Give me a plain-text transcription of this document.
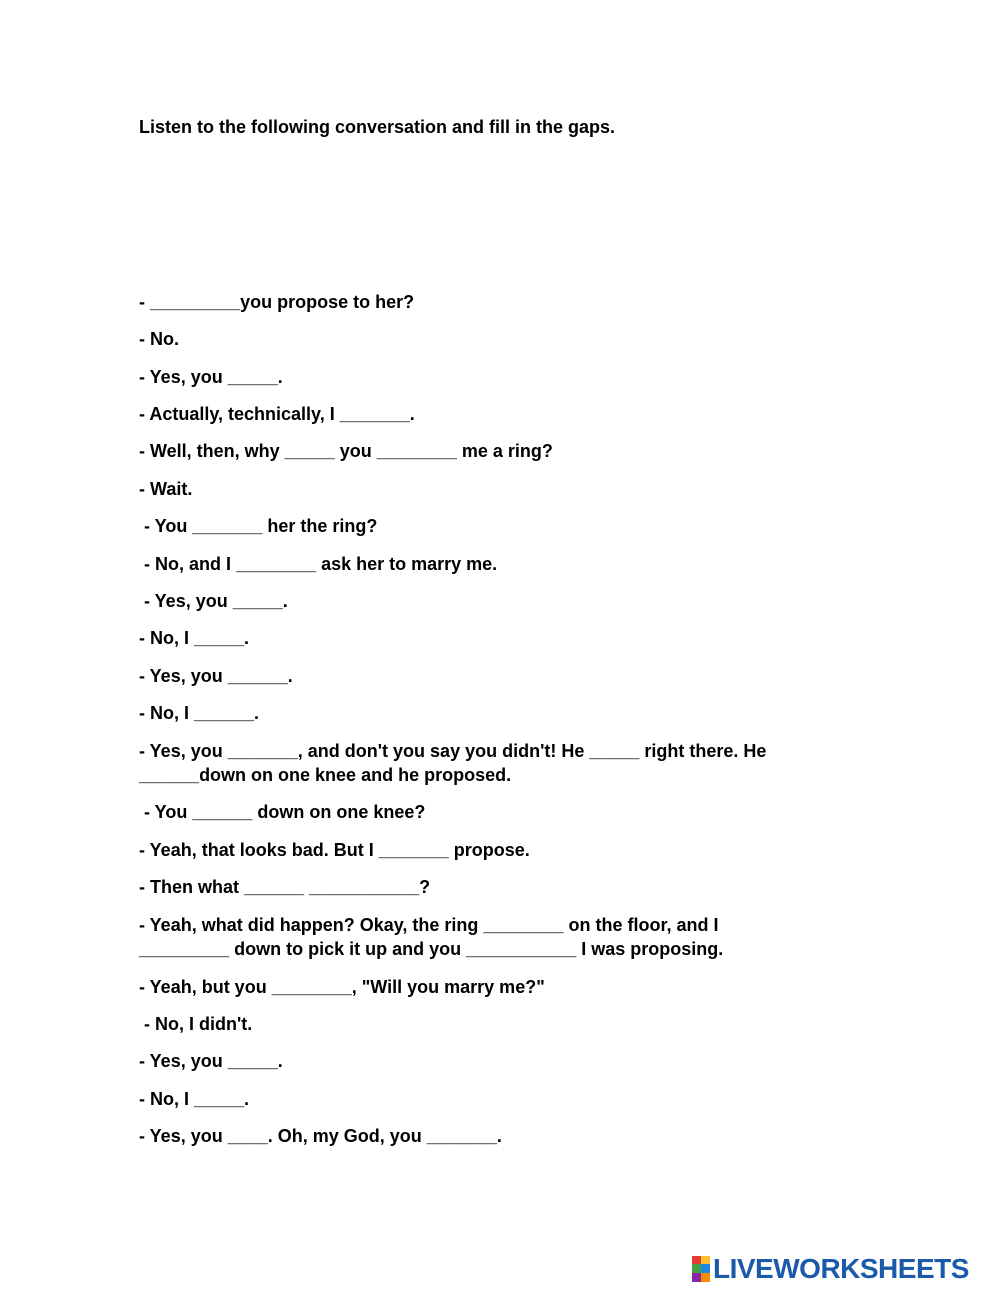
Listen to the following conversation and fill in the gaps.
- _________you propose to her?
- No.
- Yes, you _____.
- Actually, technically, I _______.
- Well, then, why _____ you ________ me a ring?
- Wait.
- You _______ her the ring?
- No, and I ________ ask her to marry me.
- Yes, you _____.
- No, I _____.
- Yes, you ______.
- No, I ______.
- Yes, you _______, and don't you say you didn't! He _____ right there. He
______down on one knee and he proposed.
- You ______ down on one knee?
- Yeah, that looks bad. But I _______ propose.
- Then what ______ ___________?
- Yeah, what did happen? Okay, the ring ________ on the floor, and I
_________ down to pick it up and you ___________ I was proposing.
- Yeah, but you ________, "Will you marry me?"
- No, I didn't.
- Yes, you _____.
- No, I _____.
- Yes, you ____. Oh, my God, you _______.
LIVEWORKSHEETS
